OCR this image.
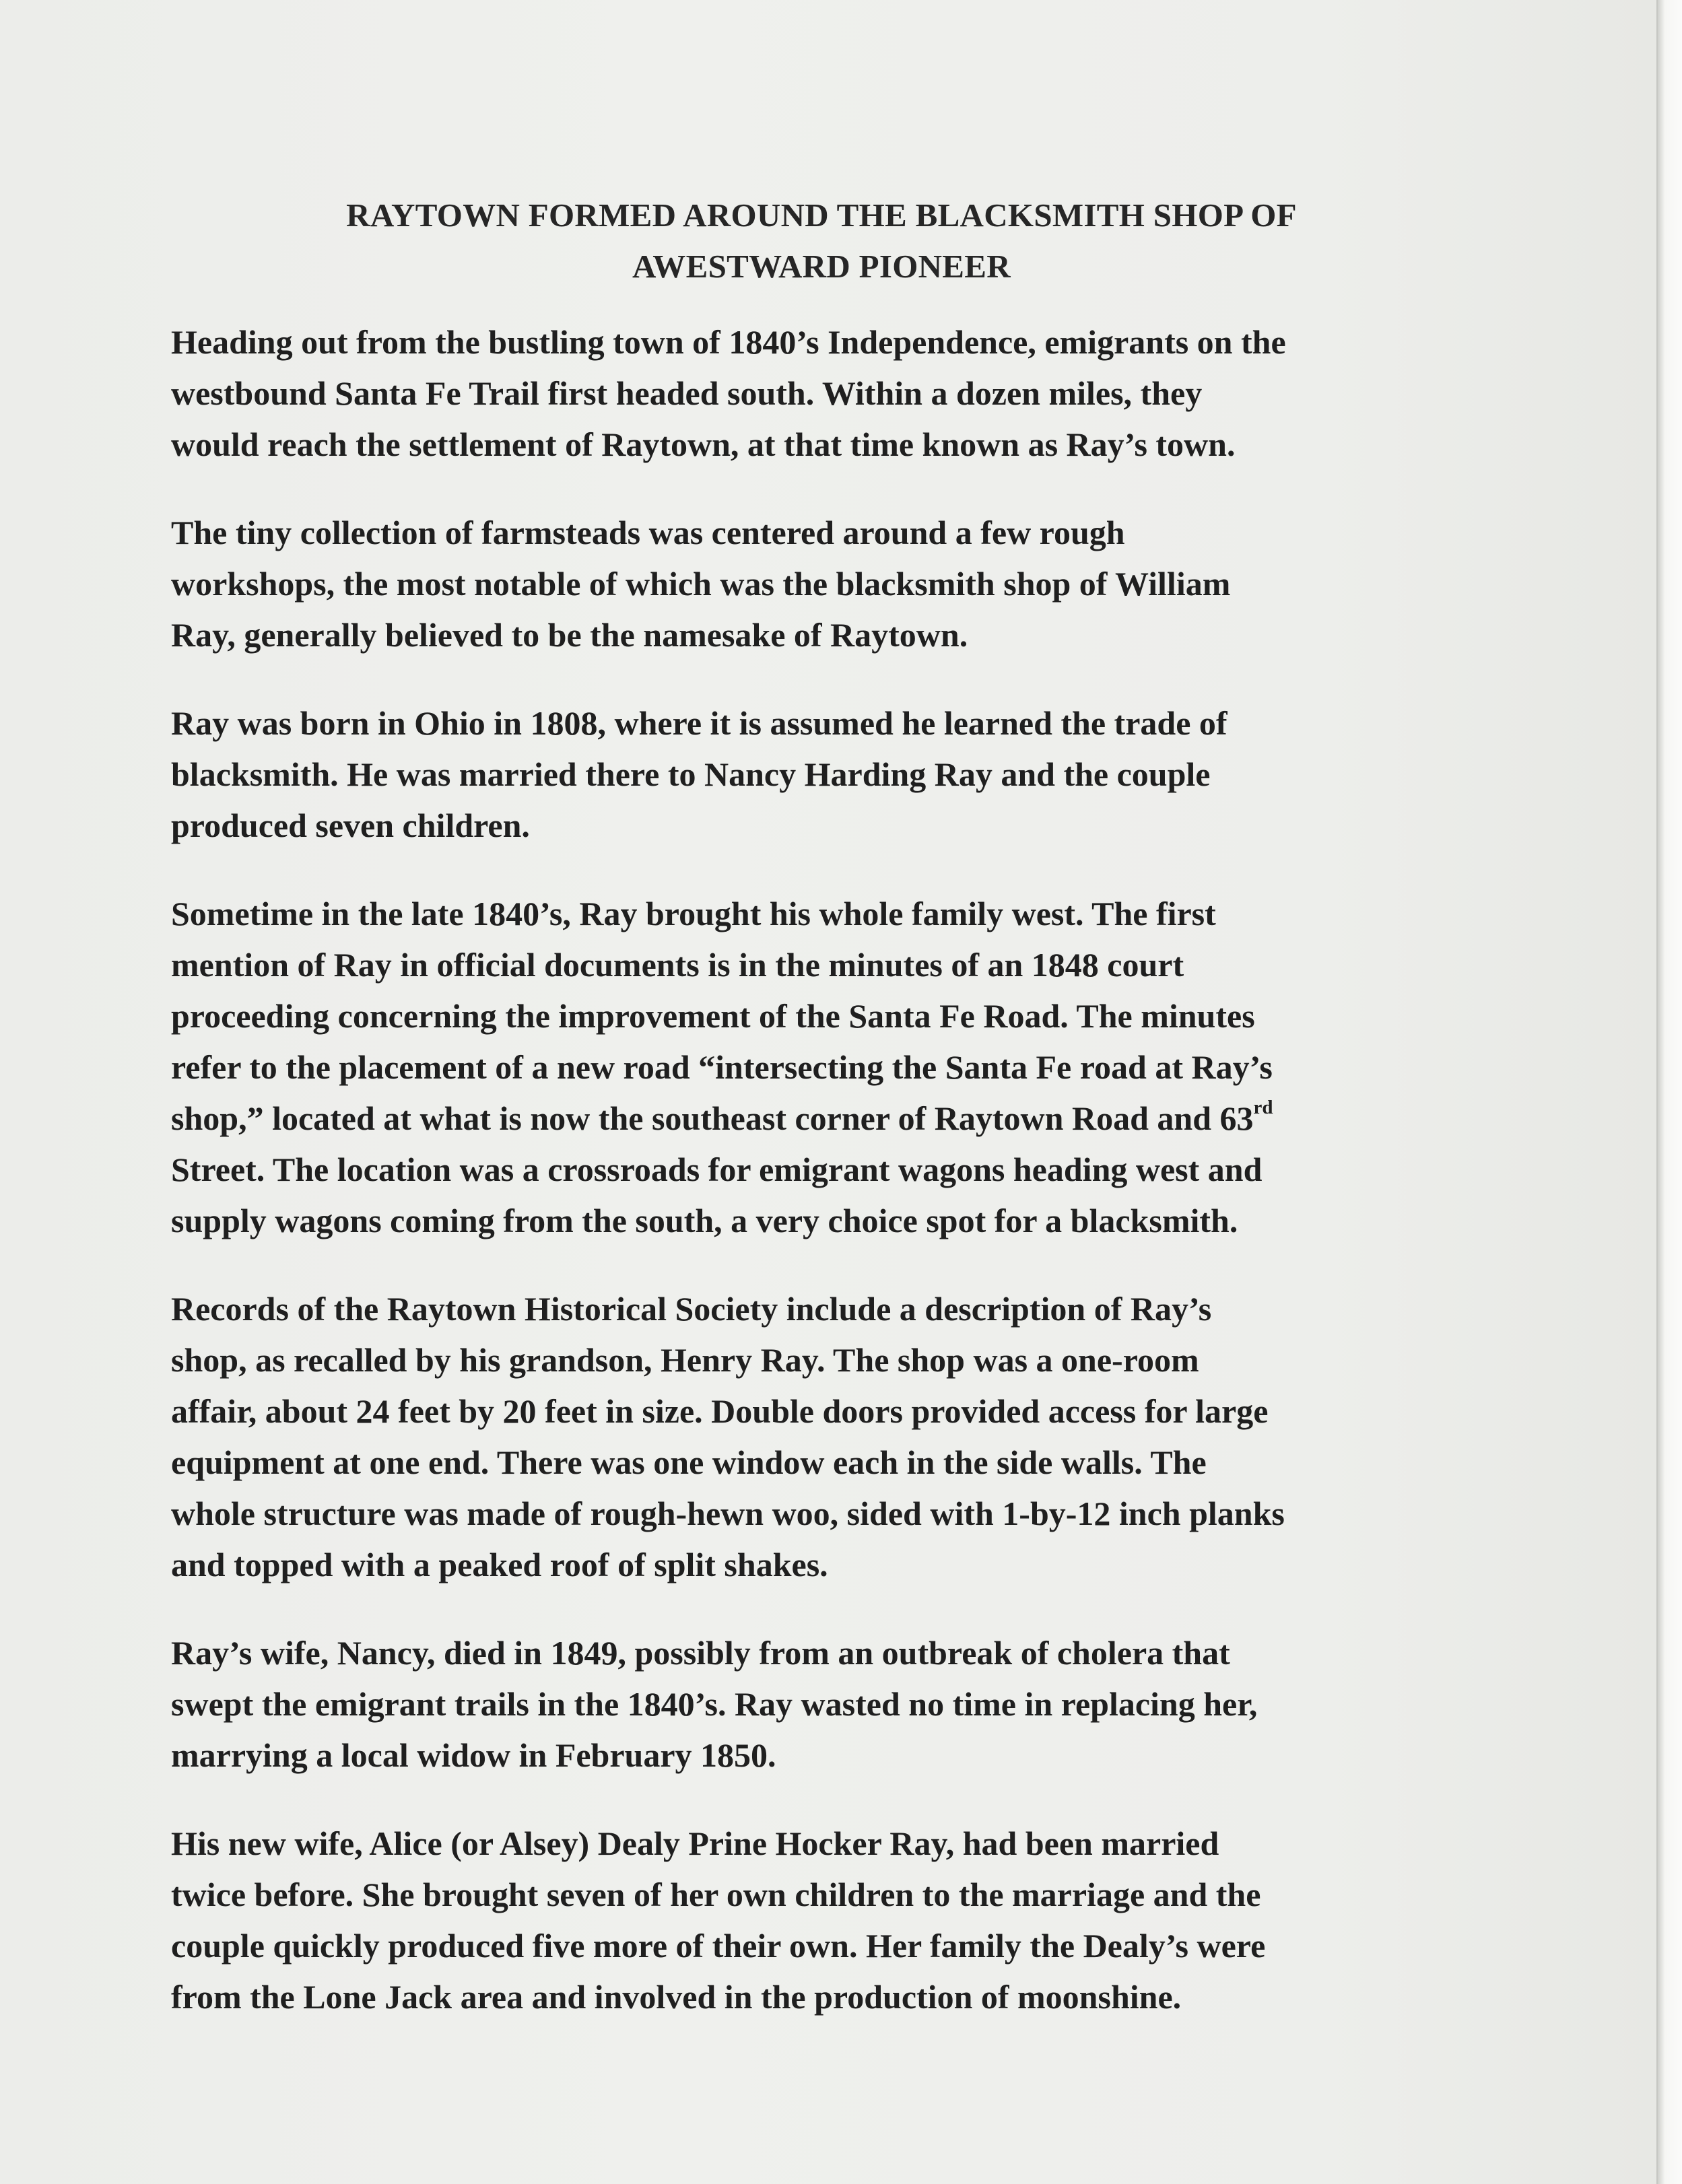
RAYTOWN FORMED AROUND THE BLACKSMITH SHOP OF
AWESTWARD PIONEER

Heading out from the bustling town of 1840’s Independence, emigrants on the
westbound Santa Fe Trail first headed south. Within a dozen miles, they
would reach the settlement of Raytown, at that time known as Ray’s town.

The tiny collection of farmsteads was centered around a few rough
workshops, the most notable of which was the blacksmith shop of William
Ray, generally believed to be the namesake of Raytown.

Ray was born in Ohio in 1808, where it is assumed he learned the trade of
blacksmith. He was married there to Nancy Harding Ray and the couple
produced seven children.

Sometime in the late 1840’s, Ray brought his whole family west. The first
mention of Ray in official documents is in the minutes of an 1848 court
proceeding concerning the improvement of the Santa Fe Road. The minutes
refer to the placement of a new road “intersecting the Santa Fe road at Ray’s
shop,” located at what is now the southeast corner of Raytown Road and 63rd
Street. The location was a crossroads for emigrant wagons heading west and
supply wagons coming from the south, a very choice spot for a blacksmith.

Records of the Raytown Historical Society include a description of Ray’s
shop, as recalled by his grandson, Henry Ray. The shop was a one-room
affair, about 24 feet by 20 feet in size. Double doors provided access for large
equipment at one end. There was one window each in the side walls. The
whole structure was made of rough-hewn woo, sided with 1-by-12 inch planks
and topped with a peaked roof of split shakes.

Ray’s wife, Nancy, died in 1849, possibly from an outbreak of cholera that
swept the emigrant trails in the 1840’s. Ray wasted no time in replacing her,
marrying a local widow in February 1850.

His new wife, Alice (or Alsey) Dealy Prine Hocker Ray, had been married
twice before. She brought seven of her own children to the marriage and the
couple quickly produced five more of their own. Her family the Dealy’s were
from the Lone Jack area and involved in the production of moonshine.
